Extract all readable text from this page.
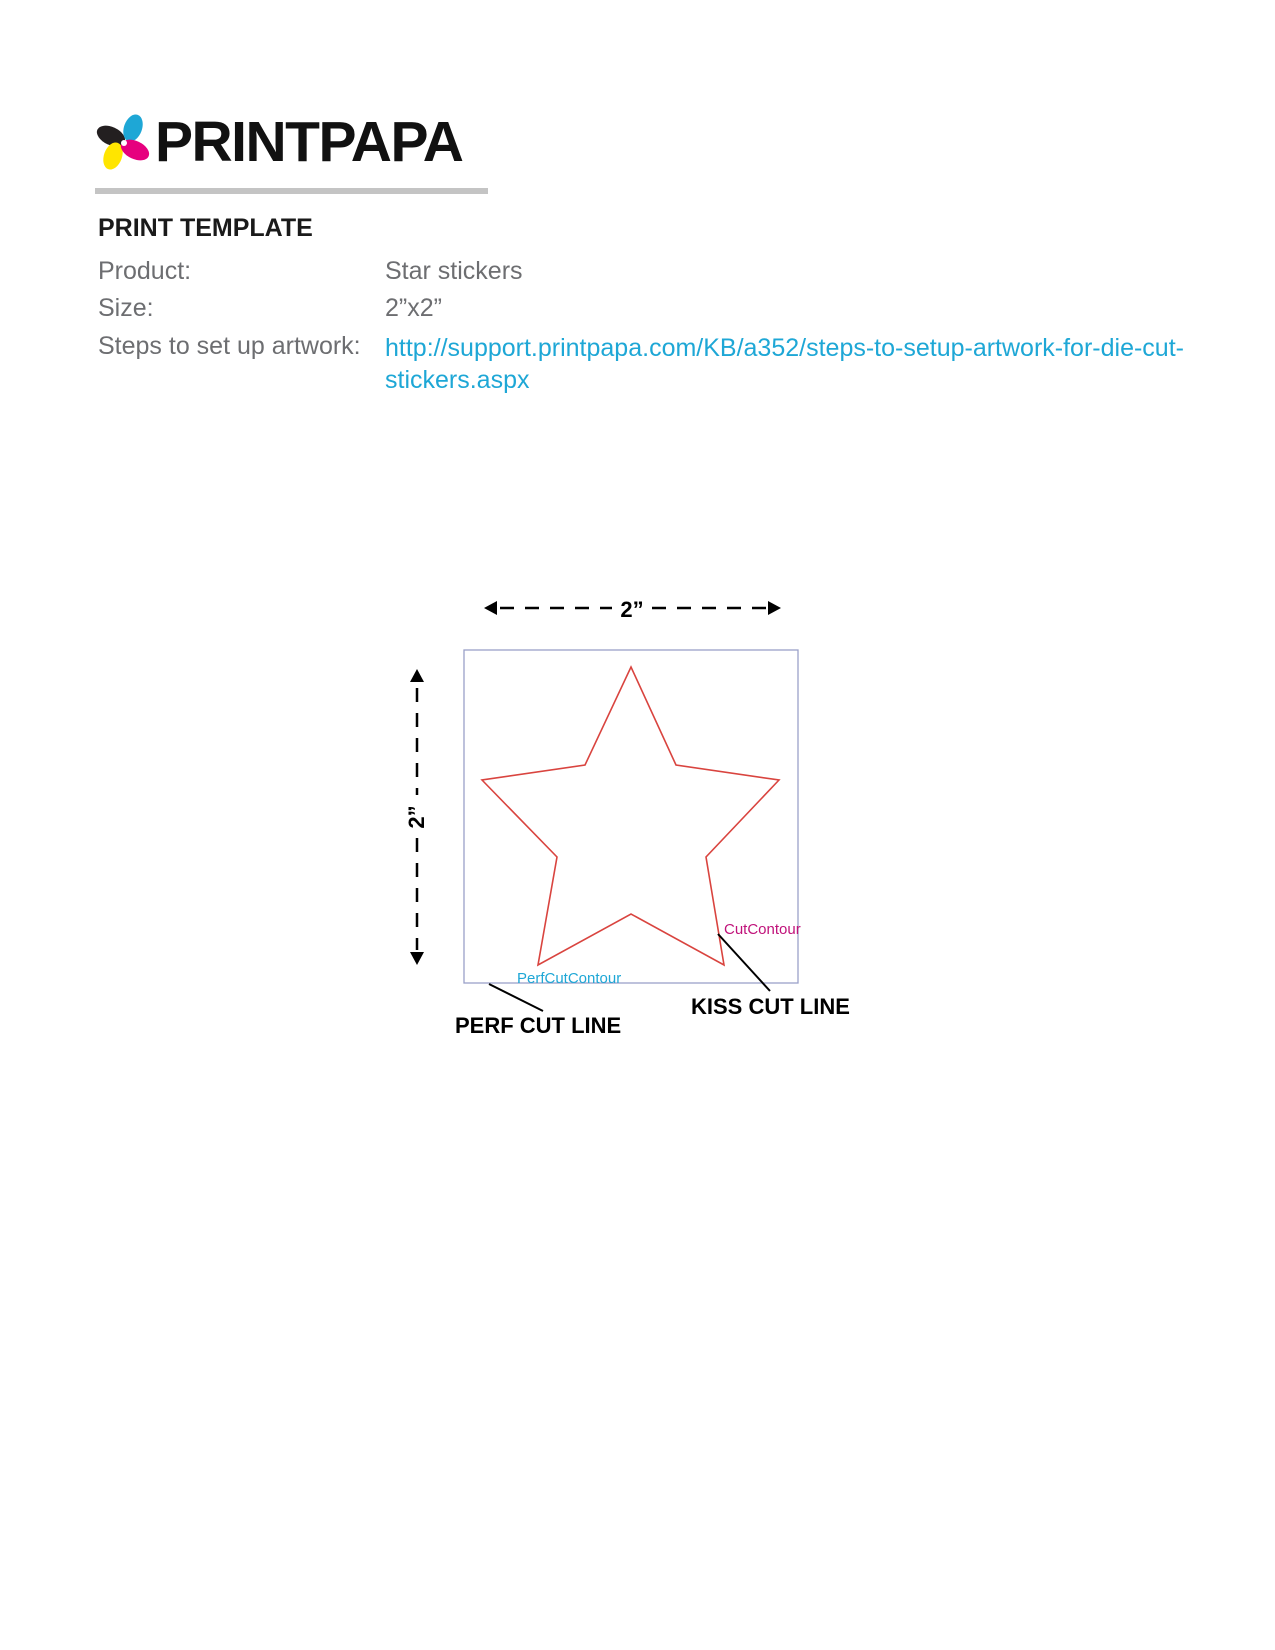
PRINTPAPA
PRINT TEMPLATE
Product:	Star stickers
Size:	2”x2”
Steps to set up artwork: http://support.printpapa.com/KB/a352/steps-to-setup-artwork-for-die-cut-stickers.aspx
2”
2”
CutContour
PerfCutContour
KISS CUT LINE
PERF CUT LINE
